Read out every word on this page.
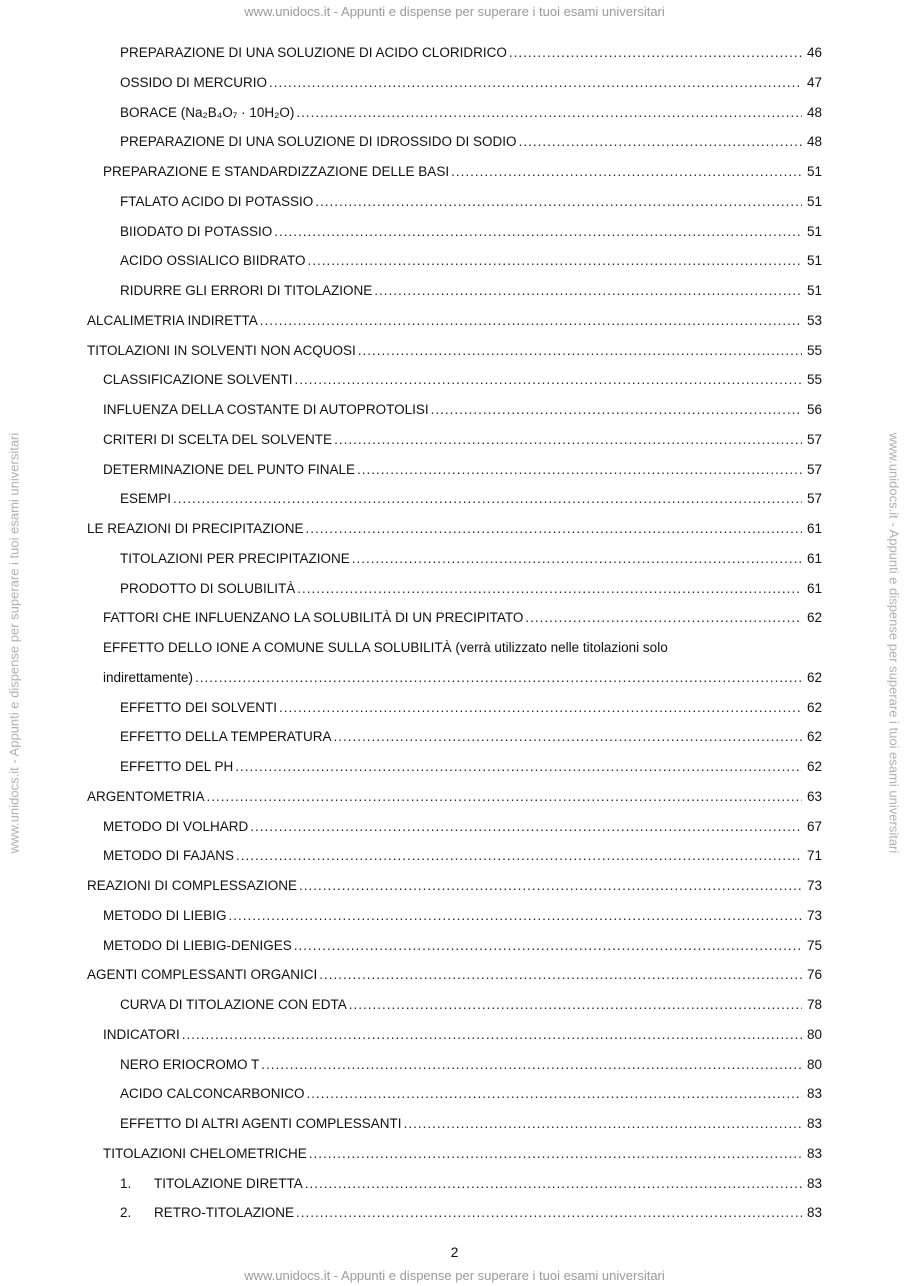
www.unidocs.it - Appunti e dispense per superare i tuoi esami universitari
www.unidocs.it - Appunti e dispense per superare i tuoi esami universitari
www.unidocs.it - Appunti e dispense per superare i tuoi esami universitari	www.unidocs.it - Appunti e dispense per superare i tuoi esami universitari
PREPARAZIONE DI UNA SOLUZIONE DI ACIDO CLORIDRICO .....	46
OSSIDO DI MERCURIO .....	47
BORACE (Na₂B₄O₇ · 10H₂O) .....	48
PREPARAZIONE DI UNA SOLUZIONE DI IDROSSIDO DI SODIO .....	48
PREPARAZIONE E STANDARDIZZAZIONE DELLE BASI .....	51
FTALATO ACIDO DI POTASSIO .....	51
BIIODATO DI POTASSIO .....	51
ACIDO OSSIALICO BIIDRATO .....	51
RIDURRE GLI ERRORI DI TITOLAZIONE .....	51
ALCALIMETRIA INDIRETTA .....	53
TITOLAZIONI IN SOLVENTI NON ACQUOSI .....	55
CLASSIFICAZIONE SOLVENTI .....	55
INFLUENZA DELLA COSTANTE DI AUTOPROTOLISI .....	56
CRITERI DI SCELTA DEL SOLVENTE .....	57
DETERMINAZIONE DEL PUNTO FINALE .....	57
ESEMPI .....	57
LE REAZIONI DI PRECIPITAZIONE .....	61
TITOLAZIONI PER PRECIPITAZIONE .....	61
PRODOTTO DI SOLUBILITÀ .....	61
FATTORI CHE INFLUENZANO LA SOLUBILITÀ DI UN PRECIPITATO .....	62
EFFETTO DELLO IONE A COMUNE SULLA SOLUBILITÀ (verrà utilizzato nelle titolazioni solo
indirettamente) .....	62
EFFETTO DEI SOLVENTI .....	62
EFFETTO DELLA TEMPERATURA .....	62
EFFETTO DEL PH .....	62
ARGENTOMETRIA .....	63
METODO DI VOLHARD .....	67
METODO DI FAJANS .....	71
REAZIONI DI COMPLESSAZIONE .....	73
METODO DI LIEBIG .....	73
METODO DI LIEBIG-DENIGES .....	75
AGENTI COMPLESSANTI ORGANICI .....	76
CURVA DI TITOLAZIONE CON EDTA .....	78
INDICATORI .....	80
NERO ERIOCROMO T .....	80
ACIDO CALCONCARBONICO .....	83
EFFETTO DI ALTRI AGENTI COMPLESSANTI .....	83
TITOLAZIONI CHELOMETRICHE .....	83
1.	TITOLAZIONE DIRETTA .....	83
2.	RETRO-TITOLAZIONE .....	83
2
